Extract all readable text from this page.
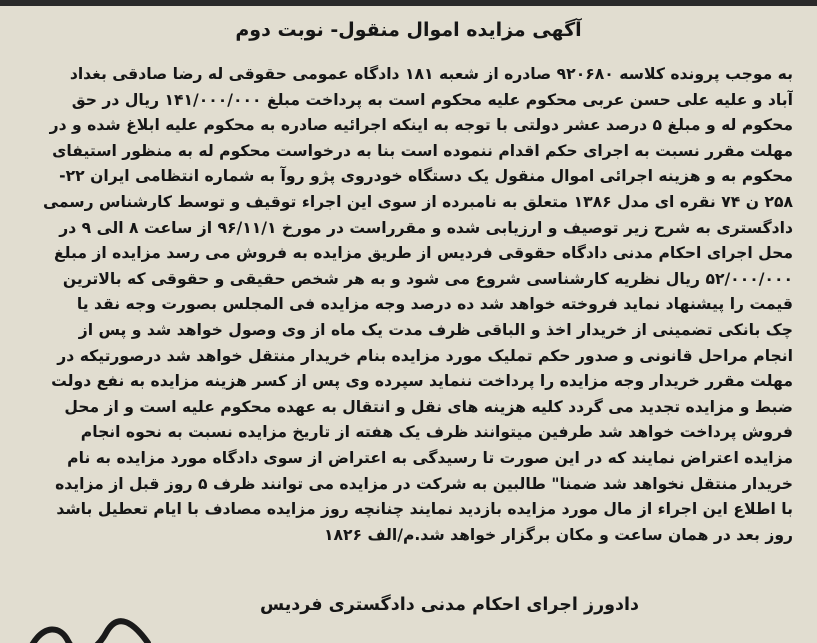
آگهی مزایده اموال منقول- نوبت دوم
به موجب پرونده کلاسه ۹۲۰۶۸۰ صادره از شعبه ۱۸۱ دادگاه عمومی حقوقی له رضا صادقی بغداد
آباد و علیه علی حسن عربی محکوم علیه محکوم است به پرداخت مبلغ ۱۴۱/۰۰۰/۰۰۰ ریال در حق
محکوم له و مبلغ ۵ درصد عشر دولتی با توجه به اینکه اجرائیه صادره به محکوم علیه ابلاغ شده و در
مهلت مقرر نسبت به اجرای حکم اقدام ننموده است بنا به درخواست محکوم له به منظور استیفای
محکوم به و هزینه اجرائی اموال منقول یک دستگاه خودروی پژو روآ به شماره انتظامی ایران ۲۲-
۲۵۸ ن ۷۴ نقره ای مدل ۱۳۸۶ متعلق به نامبرده از سوی این اجراء توقیف و توسط کارشناس رسمی
دادگستری به شرح زیر توصیف و ارزیابی شده و مقرراست در مورخ ۹۶/۱۱/۱ از ساعت ۸ الی ۹ در
محل اجرای احکام مدنی دادگاه حقوقی فردیس از طریق مزایده به فروش می رسد مزایده از مبلغ
۵۲/۰۰۰/۰۰۰ ریال نظریه کارشناسی شروع می شود و به هر شخص حقیقی و حقوقی که بالاترین
قیمت را پیشنهاد نماید فروخته خواهد شد ده درصد وجه مزایده فی المجلس بصورت وجه نقد یا
چک بانکی تضمینی از خریدار اخذ و الباقی ظرف مدت یک ماه از وی وصول خواهد شد و پس از
انجام مراحل قانونی و صدور حکم تملیک مورد مزایده بنام خریدار منتقل خواهد شد درصورتیکه در
مهلت مقرر خریدار وجه مزایده را پرداخت ننماید سپرده وی پس از کسر هزینه مزایده به نفع دولت
ضبط و مزایده تجدید می گردد کلیه هزینه های نقل و انتقال به عهده محکوم علیه است و از محل
فروش پرداخت خواهد شد طرفین میتوانند ظرف یک هفته از تاریخ مزایده نسبت به نحوه انجام
مزایده اعتراض نمایند که در این صورت تا رسیدگی به اعتراض از سوی دادگاه مورد مزایده به نام
خریدار منتقل نخواهد شد ضمنا" طالبین به شرکت در مزایده می توانند ظرف ۵ روز قبل از مزایده
با اطلاع این اجراء از مال مورد مزایده بازدید نمایند چنانچه روز مزایده مصادف با ایام تعطیل باشد
روز بعد در همان ساعت و مکان برگزار خواهد شد.م/الف ۱۸۲۶
دادورز اجرای احکام مدنی دادگستری فردیس
